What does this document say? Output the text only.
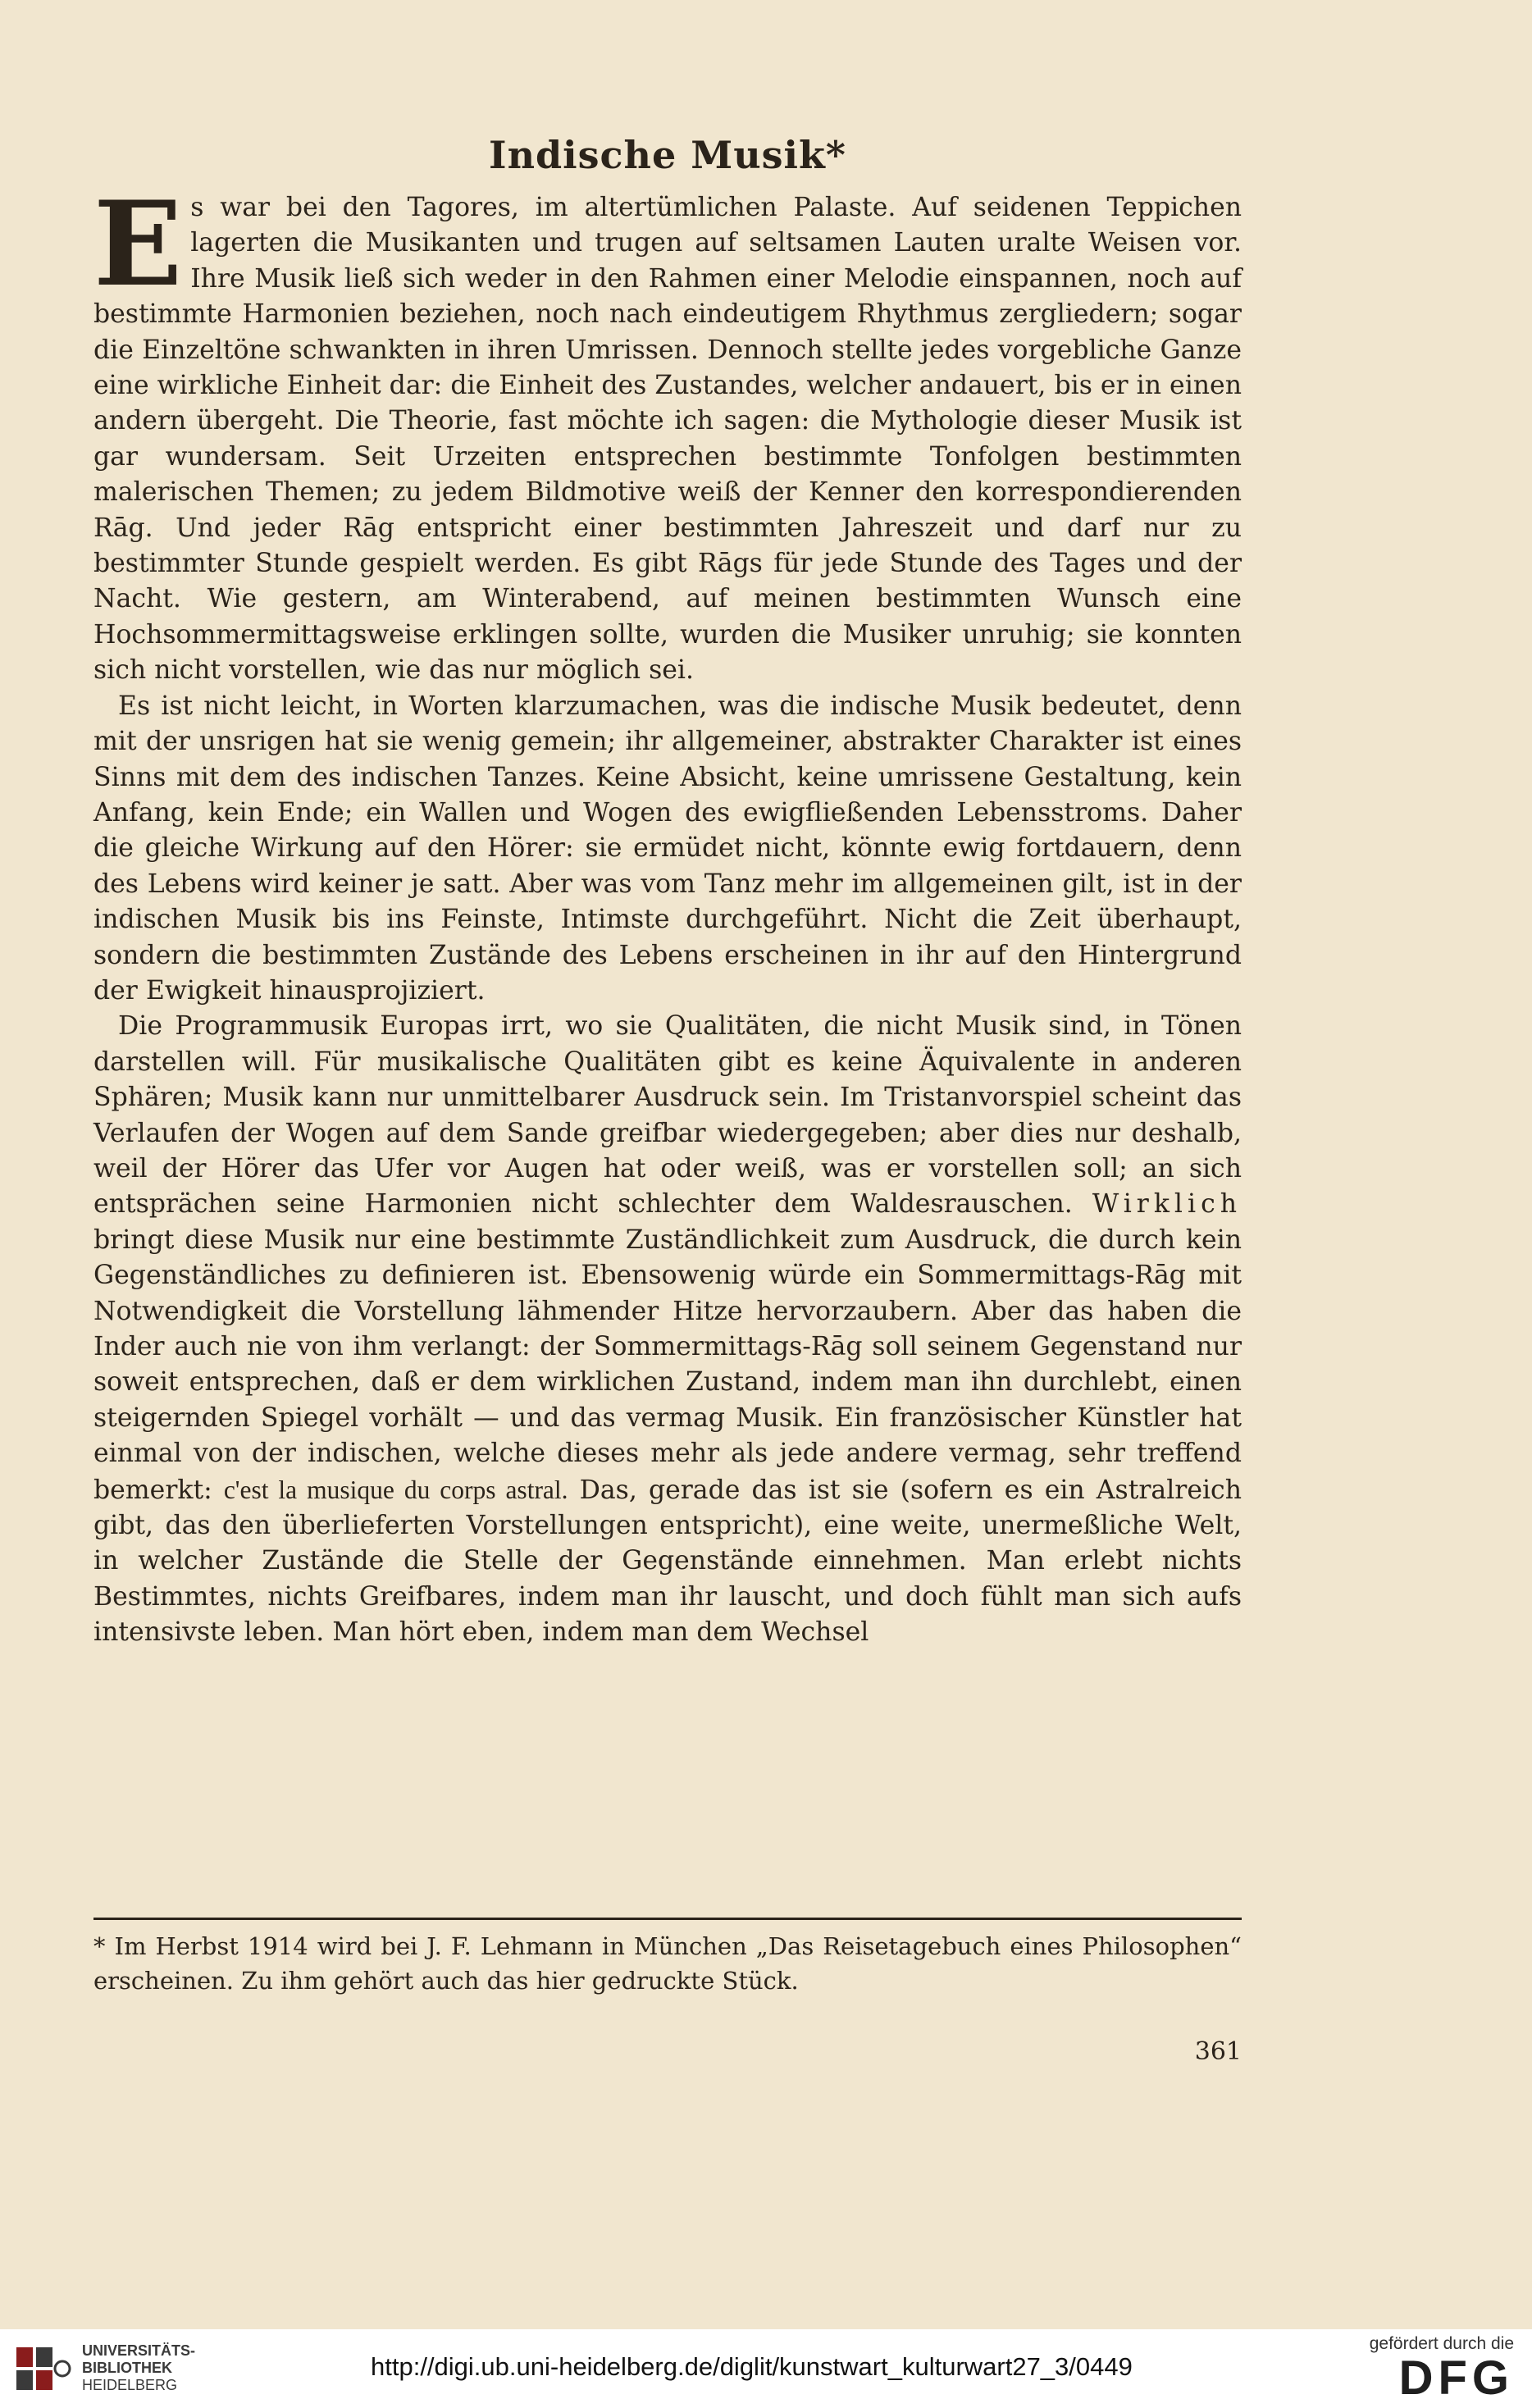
Indische Musik*

Es war bei den Tagores, im altertümlichen Palaste. Auf seidenen Teppichen lagerten die Musikanten und trugen auf seltsamen Lauten uralte Weisen vor. Ihre Musik ließ sich weder in den Rahmen einer Melodie einspannen, noch auf bestimmte Harmonien beziehen, noch nach eindeutigem Rhythmus zergliedern; sogar die Einzeltöne schwankten in ihren Umrissen. Dennoch stellte jedes vorgebliche Ganze eine wirkliche Einheit dar: die Einheit des Zustandes, welcher andauert, bis er in einen andern übergeht. Die Theorie, fast möchte ich sagen: die Mythologie dieser Musik ist gar wundersam. Seit Urzeiten entsprechen bestimmte Tonfolgen bestimmten malerischen Themen; zu jedem Bildmotive weiß der Kenner den korrespondierenden Rāg. Und jeder Rāg entspricht einer bestimmten Jahreszeit und darf nur zu bestimmter Stunde gespielt werden. Es gibt Rāgs für jede Stunde des Tages und der Nacht. Wie gestern, am Winterabend, auf meinen bestimmten Wunsch eine Hochsommermittagsweise erklingen sollte, wurden die Musiker unruhig; sie konnten sich nicht vorstellen, wie das nur möglich sei.

Es ist nicht leicht, in Worten klarzumachen, was die indische Musik bedeutet, denn mit der unsrigen hat sie wenig gemein; ihr allgemeiner, abstrakter Charakter ist eines Sinns mit dem des indischen Tanzes. Keine Absicht, keine umrissene Gestaltung, kein Anfang, kein Ende; ein Wallen und Wogen des ewigfließenden Lebensstroms. Daher die gleiche Wirkung auf den Hörer: sie ermüdet nicht, könnte ewig fortdauern, denn des Lebens wird keiner je satt. Aber was vom Tanz mehr im allgemeinen gilt, ist in der indischen Musik bis ins Feinste, Intimste durchgeführt. Nicht die Zeit überhaupt, sondern die bestimmten Zustände des Lebens erscheinen in ihr auf den Hintergrund der Ewigkeit hinausprojiziert.

Die Programmusik Europas irrt, wo sie Qualitäten, die nicht Musik sind, in Tönen darstellen will. Für musikalische Qualitäten gibt es keine Äquivalente in anderen Sphären; Musik kann nur unmittelbarer Ausdruck sein. Im Tristanvorspiel scheint das Verlaufen der Wogen auf dem Sande greifbar wiedergegeben; aber dies nur deshalb, weil der Hörer das Ufer vor Augen hat oder weiß, was er vorstellen soll; an sich entsprächen seine Harmonien nicht schlechter dem Waldesrauschen. Wirklich bringt diese Musik nur eine bestimmte Zuständlichkeit zum Ausdruck, die durch kein Gegenständliches zu definieren ist. Ebensowenig würde ein Sommermittags-Rāg mit Notwendigkeit die Vorstellung lähmender Hitze hervorzaubern. Aber das haben die Inder auch nie von ihm verlangt: der Sommermittags-Rāg soll seinem Gegenstand nur soweit entsprechen, daß er dem wirklichen Zustand, indem man ihn durchlebt, einen steigernden Spiegel vorhält — und das vermag Musik. Ein französischer Künstler hat einmal von der indischen, welche dieses mehr als jede andere vermag, sehr treffend bemerkt: c'est la musique du corps astral. Das, gerade das ist sie (sofern es ein Astralreich gibt, das den überlieferten Vorstellungen entspricht), eine weite, unermeßliche Welt, in welcher Zustände die Stelle der Gegenstände einnehmen. Man erlebt nichts Bestimmtes, nichts Greifbares, indem man ihr lauscht, und doch fühlt man sich aufs intensivste leben. Man hört eben, indem man dem Wechsel

* Im Herbst 1914 wird bei J. F. Lehmann in München „Das Reisetagebuch eines Philosophen“ erscheinen. Zu ihm gehört auch das hier gedruckte Stück.
361
UNIVERSITÄTS-
BIBLIOTHEK
HEIDELBERG
http://digi.ub.uni-heidelberg.de/diglit/kunstwart_kulturwart27_3/0449
gefördert durch die
DFG
